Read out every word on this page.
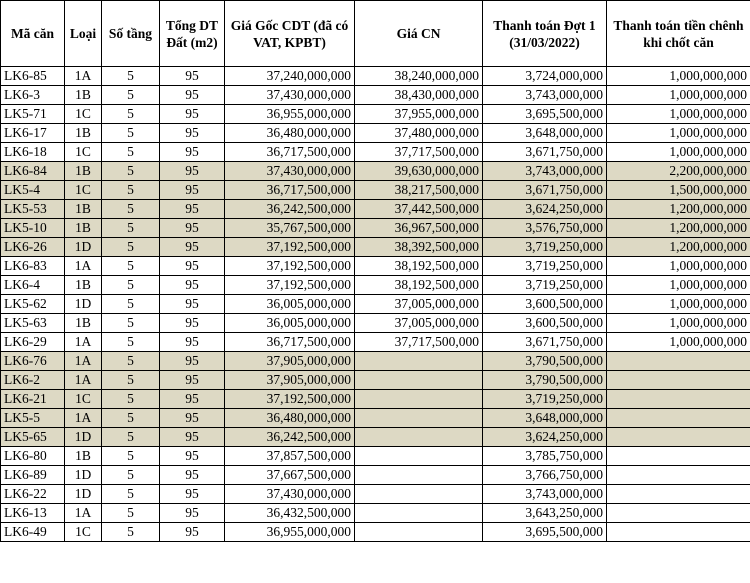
Mã căn	Loại	Số tầng	Tổng DT Đất (m2)	Giá Gốc CDT (đã có VAT, KPBT)	Giá CN	Thanh toán Đợt 1 (31/03/2022)	Thanh toán tiền chênh khi chốt căn
LK6-85	1A	5	95	37,240,000,000	38,240,000,000	3,724,000,000	1,000,000,000
LK6-3	1B	5	95	37,430,000,000	38,430,000,000	3,743,000,000	1,000,000,000
LK5-71	1C	5	95	36,955,000,000	37,955,000,000	3,695,500,000	1,000,000,000
LK6-17	1B	5	95	36,480,000,000	37,480,000,000	3,648,000,000	1,000,000,000
LK6-18	1C	5	95	36,717,500,000	37,717,500,000	3,671,750,000	1,000,000,000
LK6-84	1B	5	95	37,430,000,000	39,630,000,000	3,743,000,000	2,200,000,000
LK5-4	1C	5	95	36,717,500,000	38,217,500,000	3,671,750,000	1,500,000,000
LK5-53	1B	5	95	36,242,500,000	37,442,500,000	3,624,250,000	1,200,000,000
LK5-10	1B	5	95	35,767,500,000	36,967,500,000	3,576,750,000	1,200,000,000
LK6-26	1D	5	95	37,192,500,000	38,392,500,000	3,719,250,000	1,200,000,000
LK6-83	1A	5	95	37,192,500,000	38,192,500,000	3,719,250,000	1,000,000,000
LK6-4	1B	5	95	37,192,500,000	38,192,500,000	3,719,250,000	1,000,000,000
LK5-62	1D	5	95	36,005,000,000	37,005,000,000	3,600,500,000	1,000,000,000
LK5-63	1B	5	95	36,005,000,000	37,005,000,000	3,600,500,000	1,000,000,000
LK6-29	1A	5	95	36,717,500,000	37,717,500,000	3,671,750,000	1,000,000,000
LK6-76	1A	5	95	37,905,000,000		3,790,500,000	
LK6-2	1A	5	95	37,905,000,000		3,790,500,000	
LK6-21	1C	5	95	37,192,500,000		3,719,250,000	
LK5-5	1A	5	95	36,480,000,000		3,648,000,000	
LK5-65	1D	5	95	36,242,500,000		3,624,250,000	
LK6-80	1B	5	95	37,857,500,000		3,785,750,000	
LK6-89	1D	5	95	37,667,500,000		3,766,750,000	
LK6-22	1D	5	95	37,430,000,000		3,743,000,000	
LK6-13	1A	5	95	36,432,500,000		3,643,250,000	
LK6-49	1C	5	95	36,955,000,000		3,695,500,000	
